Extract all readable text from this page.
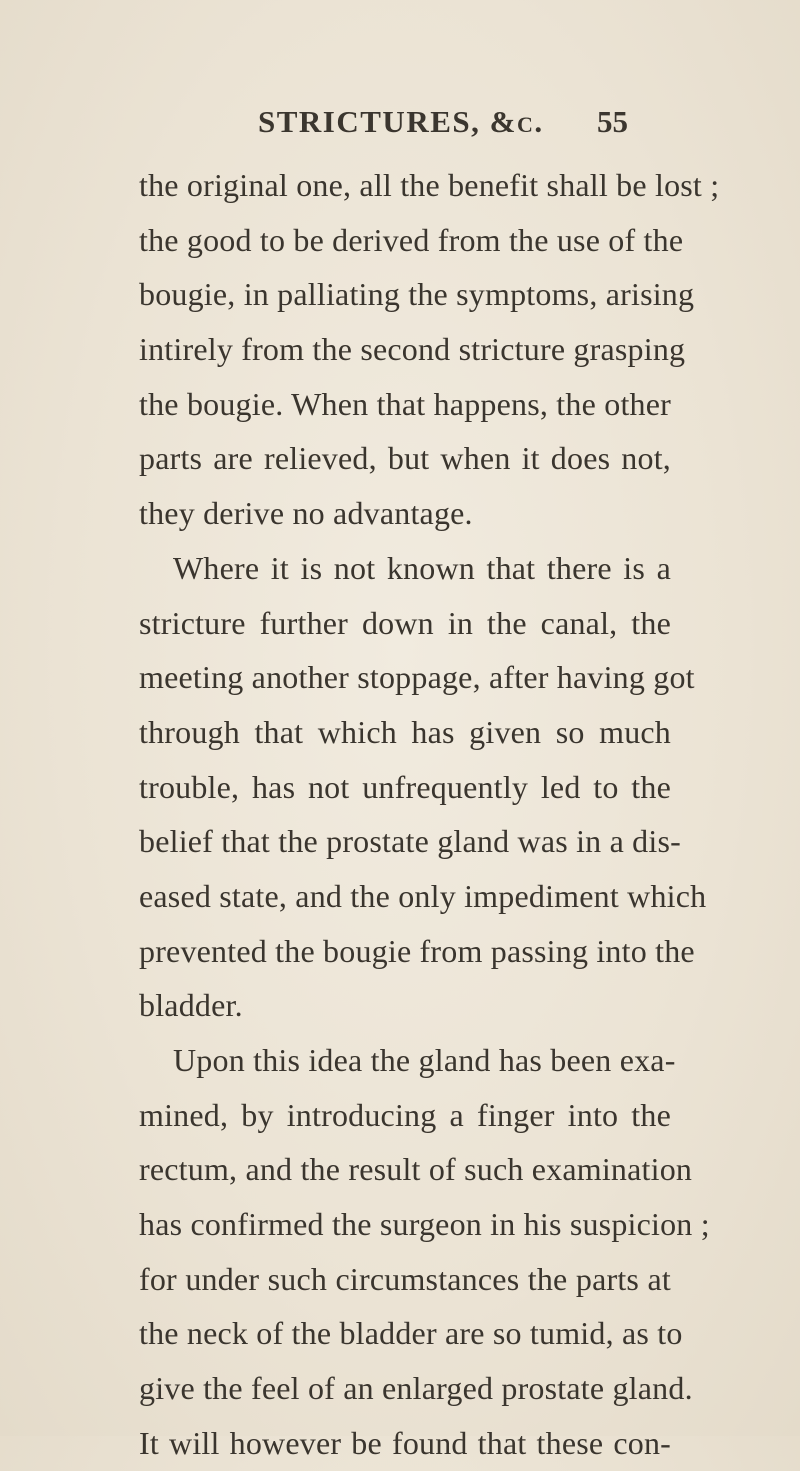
STRICTURES, &c. 55
the original one, all the benefit shall be lost ;
the good to be derived from the use of the
bougie, in palliating the symptoms, arising
intirely from the second stricture grasping
the bougie. When that happens, the other
parts are relieved, but when it does not,
they derive no advantage.
Where it is not known that there is a
stricture further down in the canal, the
meeting another stoppage, after having got
through that which has given so much
trouble, has not unfrequently led to the
belief that the prostate gland was in a dis-
eased state, and the only impediment which
prevented the bougie from passing into the
bladder.
Upon this idea the gland has been exa-
mined, by introducing a finger into the
rectum, and the result of such examination
has confirmed the surgeon in his suspicion ;
for under such circumstances the parts at
the neck of the bladder are so tumid, as to
give the feel of an enlarged prostate gland.
It will however be found that these con-
